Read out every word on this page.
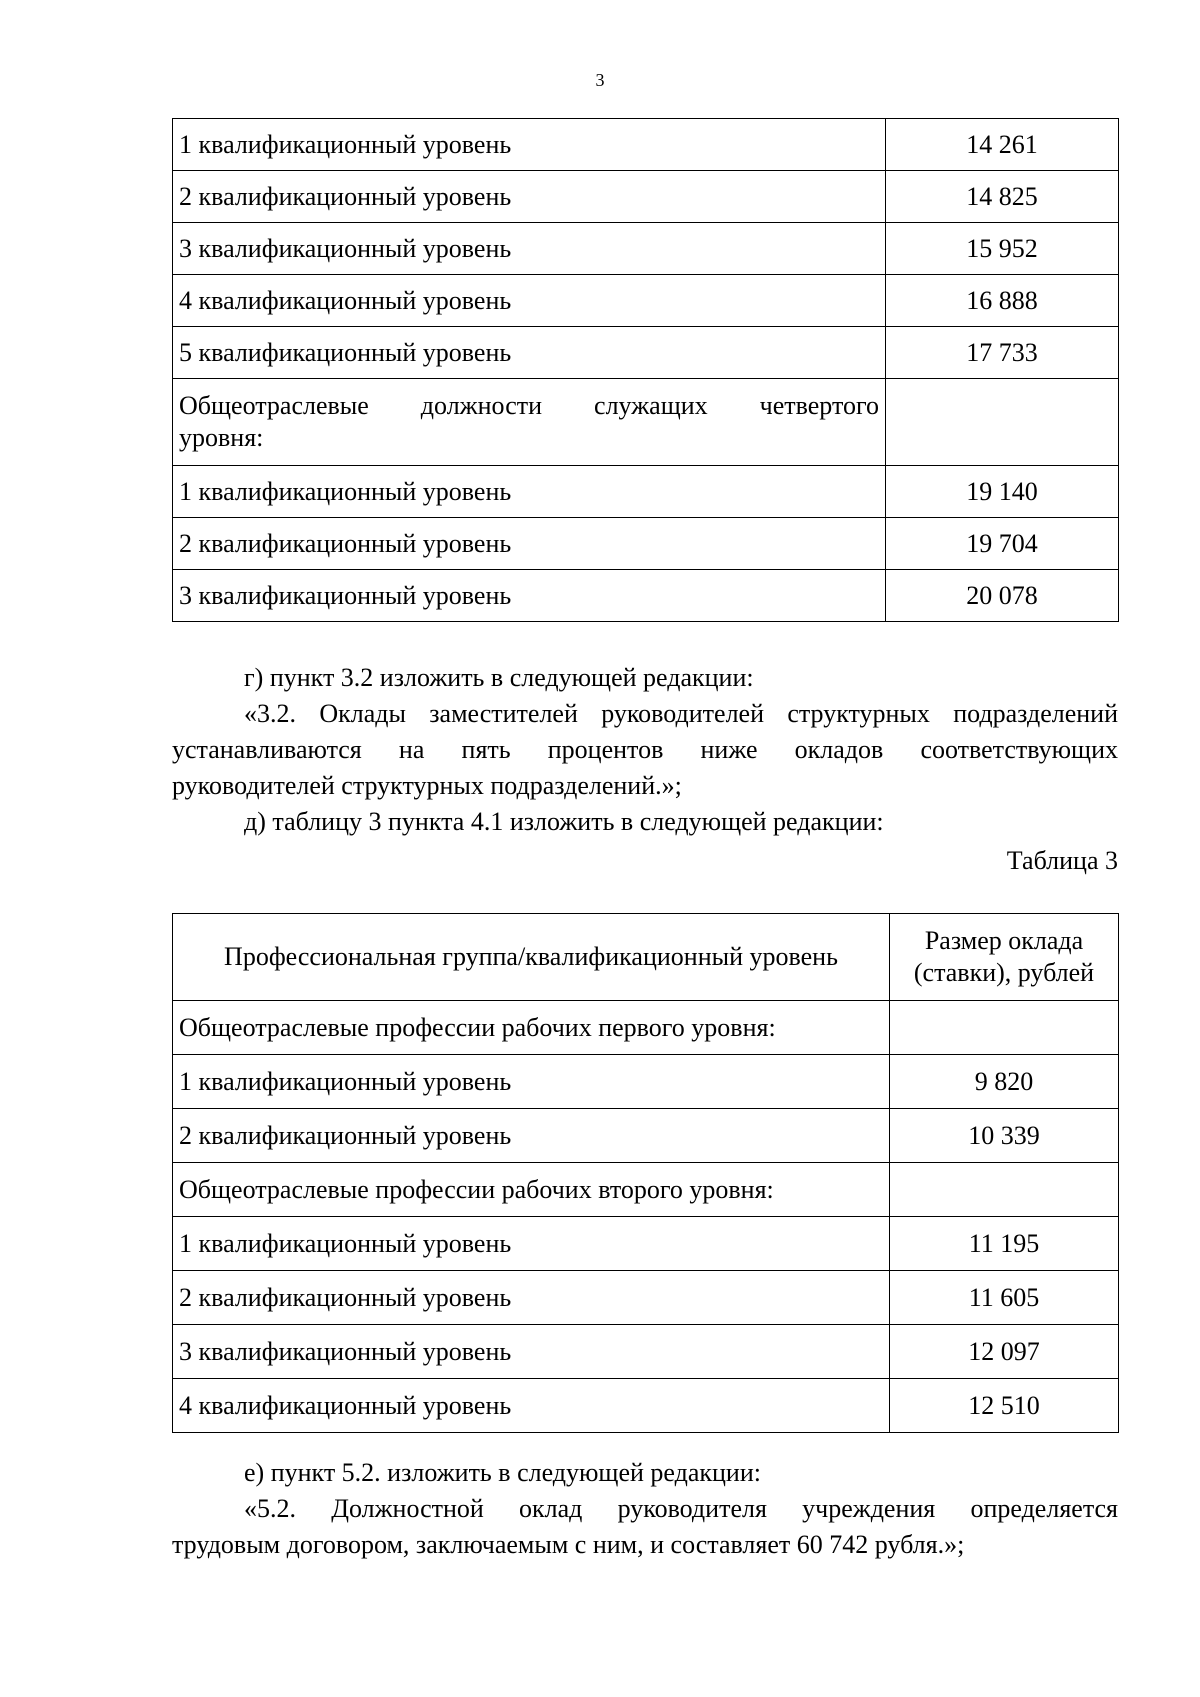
3
1 квалификационный уровень	14 261
2 квалификационный уровень	14 825
3 квалификационный уровень	15 952
4 квалификационный уровень	16 888
5 квалификационный уровень	17 733

Общеотраслевые должности служащих четвертого
уровня:	

1 квалификационный уровень	19 140
2 квалификационный уровень	19 704
3 квалификационный уровень	20 078

г) пункт 3.2 изложить в следующей редакции:

«3.2. Оклады заместителей руководителей структурных подразделений
устанавливаются на пять процентов ниже окладов соответствующих
руководителей структурных подразделений.»;

д) таблицу 3 пункта 4.1 изложить в следующей редакции:

Таблица 3

Профессиональная группа/квалификационный уровень	Размер оклада
(ставки), рублей

Общеотраслевые профессии рабочих первого уровня:	
1 квалификационный уровень	9 820
2 квалификационный уровень	10 339
Общеотраслевые профессии рабочих второго уровня:	
1 квалификационный уровень	11 195
2 квалификационный уровень	11 605
3 квалификационный уровень	12 097
4 квалификационный уровень	12 510

е) пункт 5.2. изложить в следующей редакции:

«5.2. Должностной оклад руководителя учреждения определяется
трудовым договором, заключаемым с ним, и составляет 60 742 рубля.»;
